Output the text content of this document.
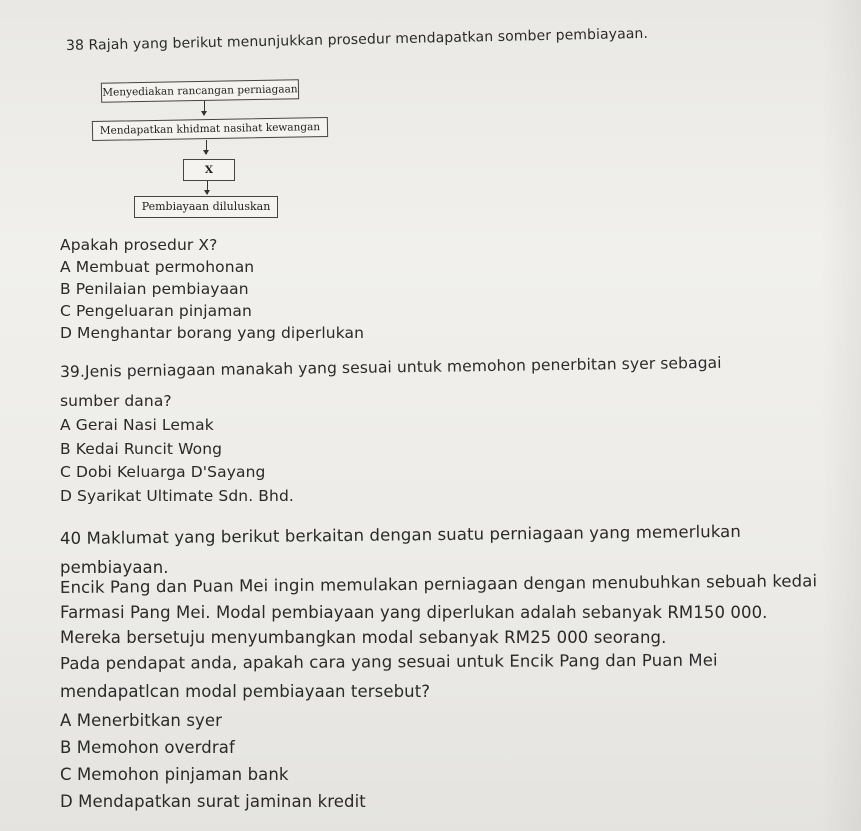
38 Rajah yang berikut menunjukkan prosedur mendapatkan somber pembiayaan.
Menyediakan rancangan perniagaan
Mendapatkan khidmat nasihat kewangan
X
Pembiayaan diluluskan
Apakah prosedur X?
A Membuat permohonan
B Penilaian pembiayaan
C Pengeluaran pinjaman
D Menghantar borang yang diperlukan
39.Jenis perniagaan manakah yang sesuai untuk memohon penerbitan syer sebagai
sumber dana?
A Gerai Nasi Lemak
B Kedai Runcit Wong
C Dobi Keluarga D'Sayang
D Syarikat Ultimate Sdn. Bhd.
40 Maklumat yang berikut berkaitan dengan suatu perniagaan yang memerlukan
pembiayaan.
Encik Pang dan Puan Mei ingin memulakan perniagaan dengan menubuhkan sebuah kedai
Farmasi Pang Mei. Modal pembiayaan yang diperlukan adalah sebanyak RM150 000.
Mereka bersetuju menyumbangkan modal sebanyak RM25 000 seorang.
Pada pendapat anda, apakah cara yang sesuai untuk Encik Pang dan Puan Mei
mendapatlcan modal pembiayaan tersebut?
A Menerbitkan syer
B Memohon overdraf
C Memohon pinjaman bank
D Mendapatkan surat jaminan kredit
